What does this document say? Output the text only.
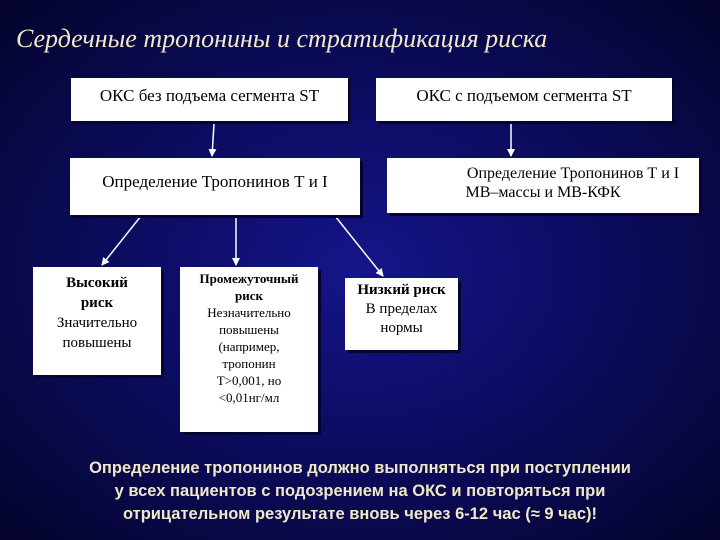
Сердечные тропонины и стратификация риска
ОКС без подъема сегмента ST	ОКС с подъемом сегмента ST
Определение Тропонинов Т и I	Определение Тропонинов Т и I
МВ–массы и МВ-КФК
Высокий
риск
Значительно
повышены
Промежуточный
риск
Незначительно
повышены
(например,
тропонин
Т>0,001, но
<0,01нг/мл
Низкий риск
В пределах
нормы
Определение тропонинов должно выполняться при поступлении
у всех пациентов с подозрением на ОКС и повторяться при
отрицательном результате вновь через 6-12 час (≈ 9 час)!
